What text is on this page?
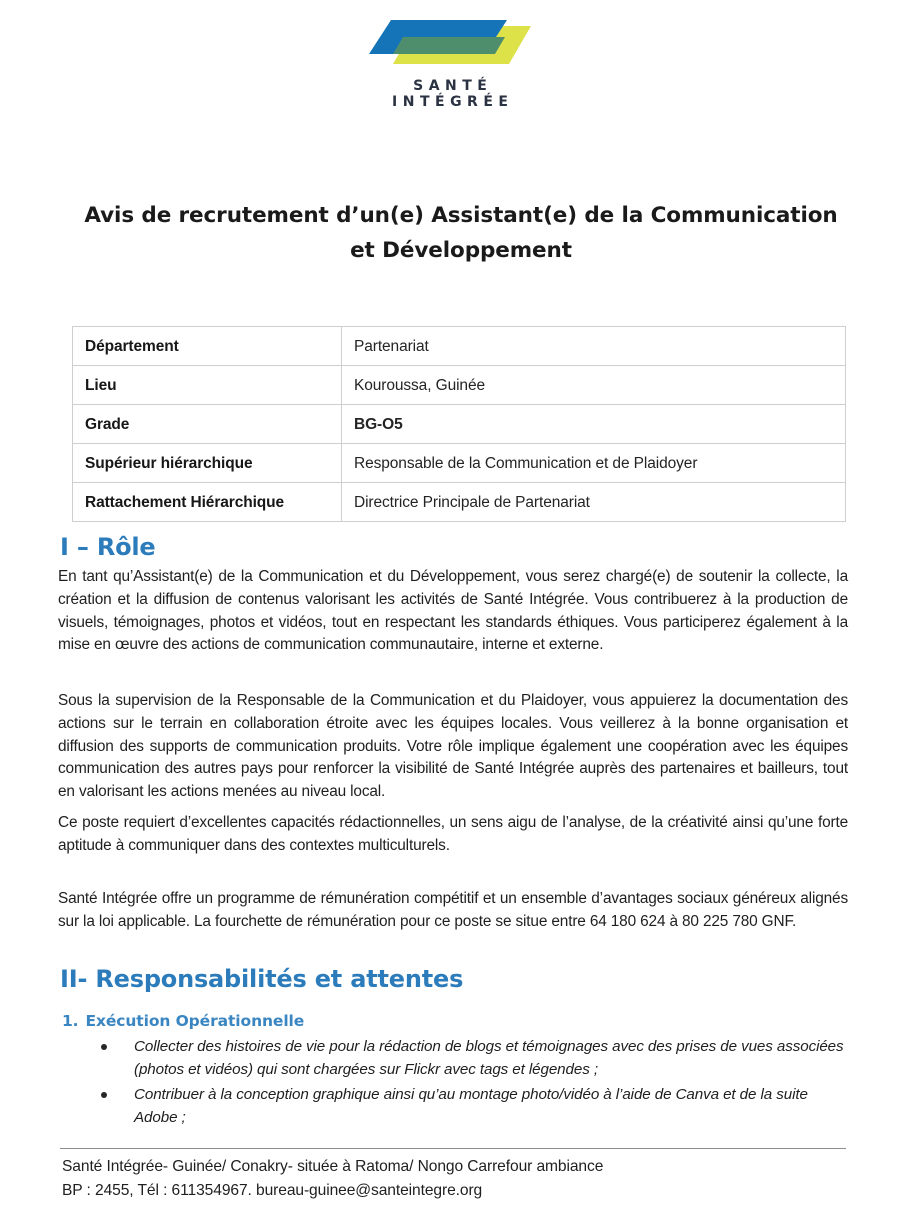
SANTÉ
INTÉGRÉE
Avis de recrutement d’un(e) Assistant(e) de la Communication et Développement
Département	Partenariat
Lieu	Kouroussa, Guinée
Grade	BG-O5
Supérieur hiérarchique	Responsable de la Communication et de Plaidoyer
Rattachement Hiérarchique	Directrice Principale de Partenariat
I – Rôle

En tant qu’Assistant(e) de la Communication et du Développement, vous serez chargé(e) de soutenir la collecte, la création et la diffusion de contenus valorisant les activités de Santé Intégrée. Vous contribuerez à la production de visuels, témoignages, photos et vidéos, tout en respectant les standards éthiques. Vous participerez également à la mise en œuvre des actions de communication communautaire, interne et externe.

Sous la supervision de la Responsable de la Communication et du Plaidoyer, vous appuierez la documentation des actions sur le terrain en collaboration étroite avec les équipes locales. Vous veillerez à la bonne organisation et diffusion des supports de communication produits. Votre rôle implique également une coopération avec les équipes communication des autres pays pour renforcer la visibilité de Santé Intégrée auprès des partenaires et bailleurs, tout en valorisant les actions menées au niveau local.

Ce poste requiert d’excellentes capacités rédactionnelles, un sens aigu de l’analyse, de la créativité ainsi qu’une forte aptitude à communiquer dans des contextes multiculturels.

Santé Intégrée offre un programme de rémunération compétitif et un ensemble d’avantages sociaux généreux alignés sur la loi applicable. La fourchette de rémunération pour ce poste se situe entre 64 180 624 à 80 225 780 GNF.

II- Responsabilités et attentes
1. Exécution Opérationnelle
Collecter des histoires de vie pour la rédaction de blogs et témoignages avec des prises de vues associées (photos et vidéos) qui sont chargées sur Flickr avec tags et légendes ;
Contribuer à la conception graphique ainsi qu’au montage photo/vidéo à l’aide de Canva et de la suite Adobe ;
Santé Intégrée- Guinée/ Conakry- située à Ratoma/ Nongo Carrefour ambiance
BP : 2455, Tél : 611354967. bureau-guinee@santeintegre.org
